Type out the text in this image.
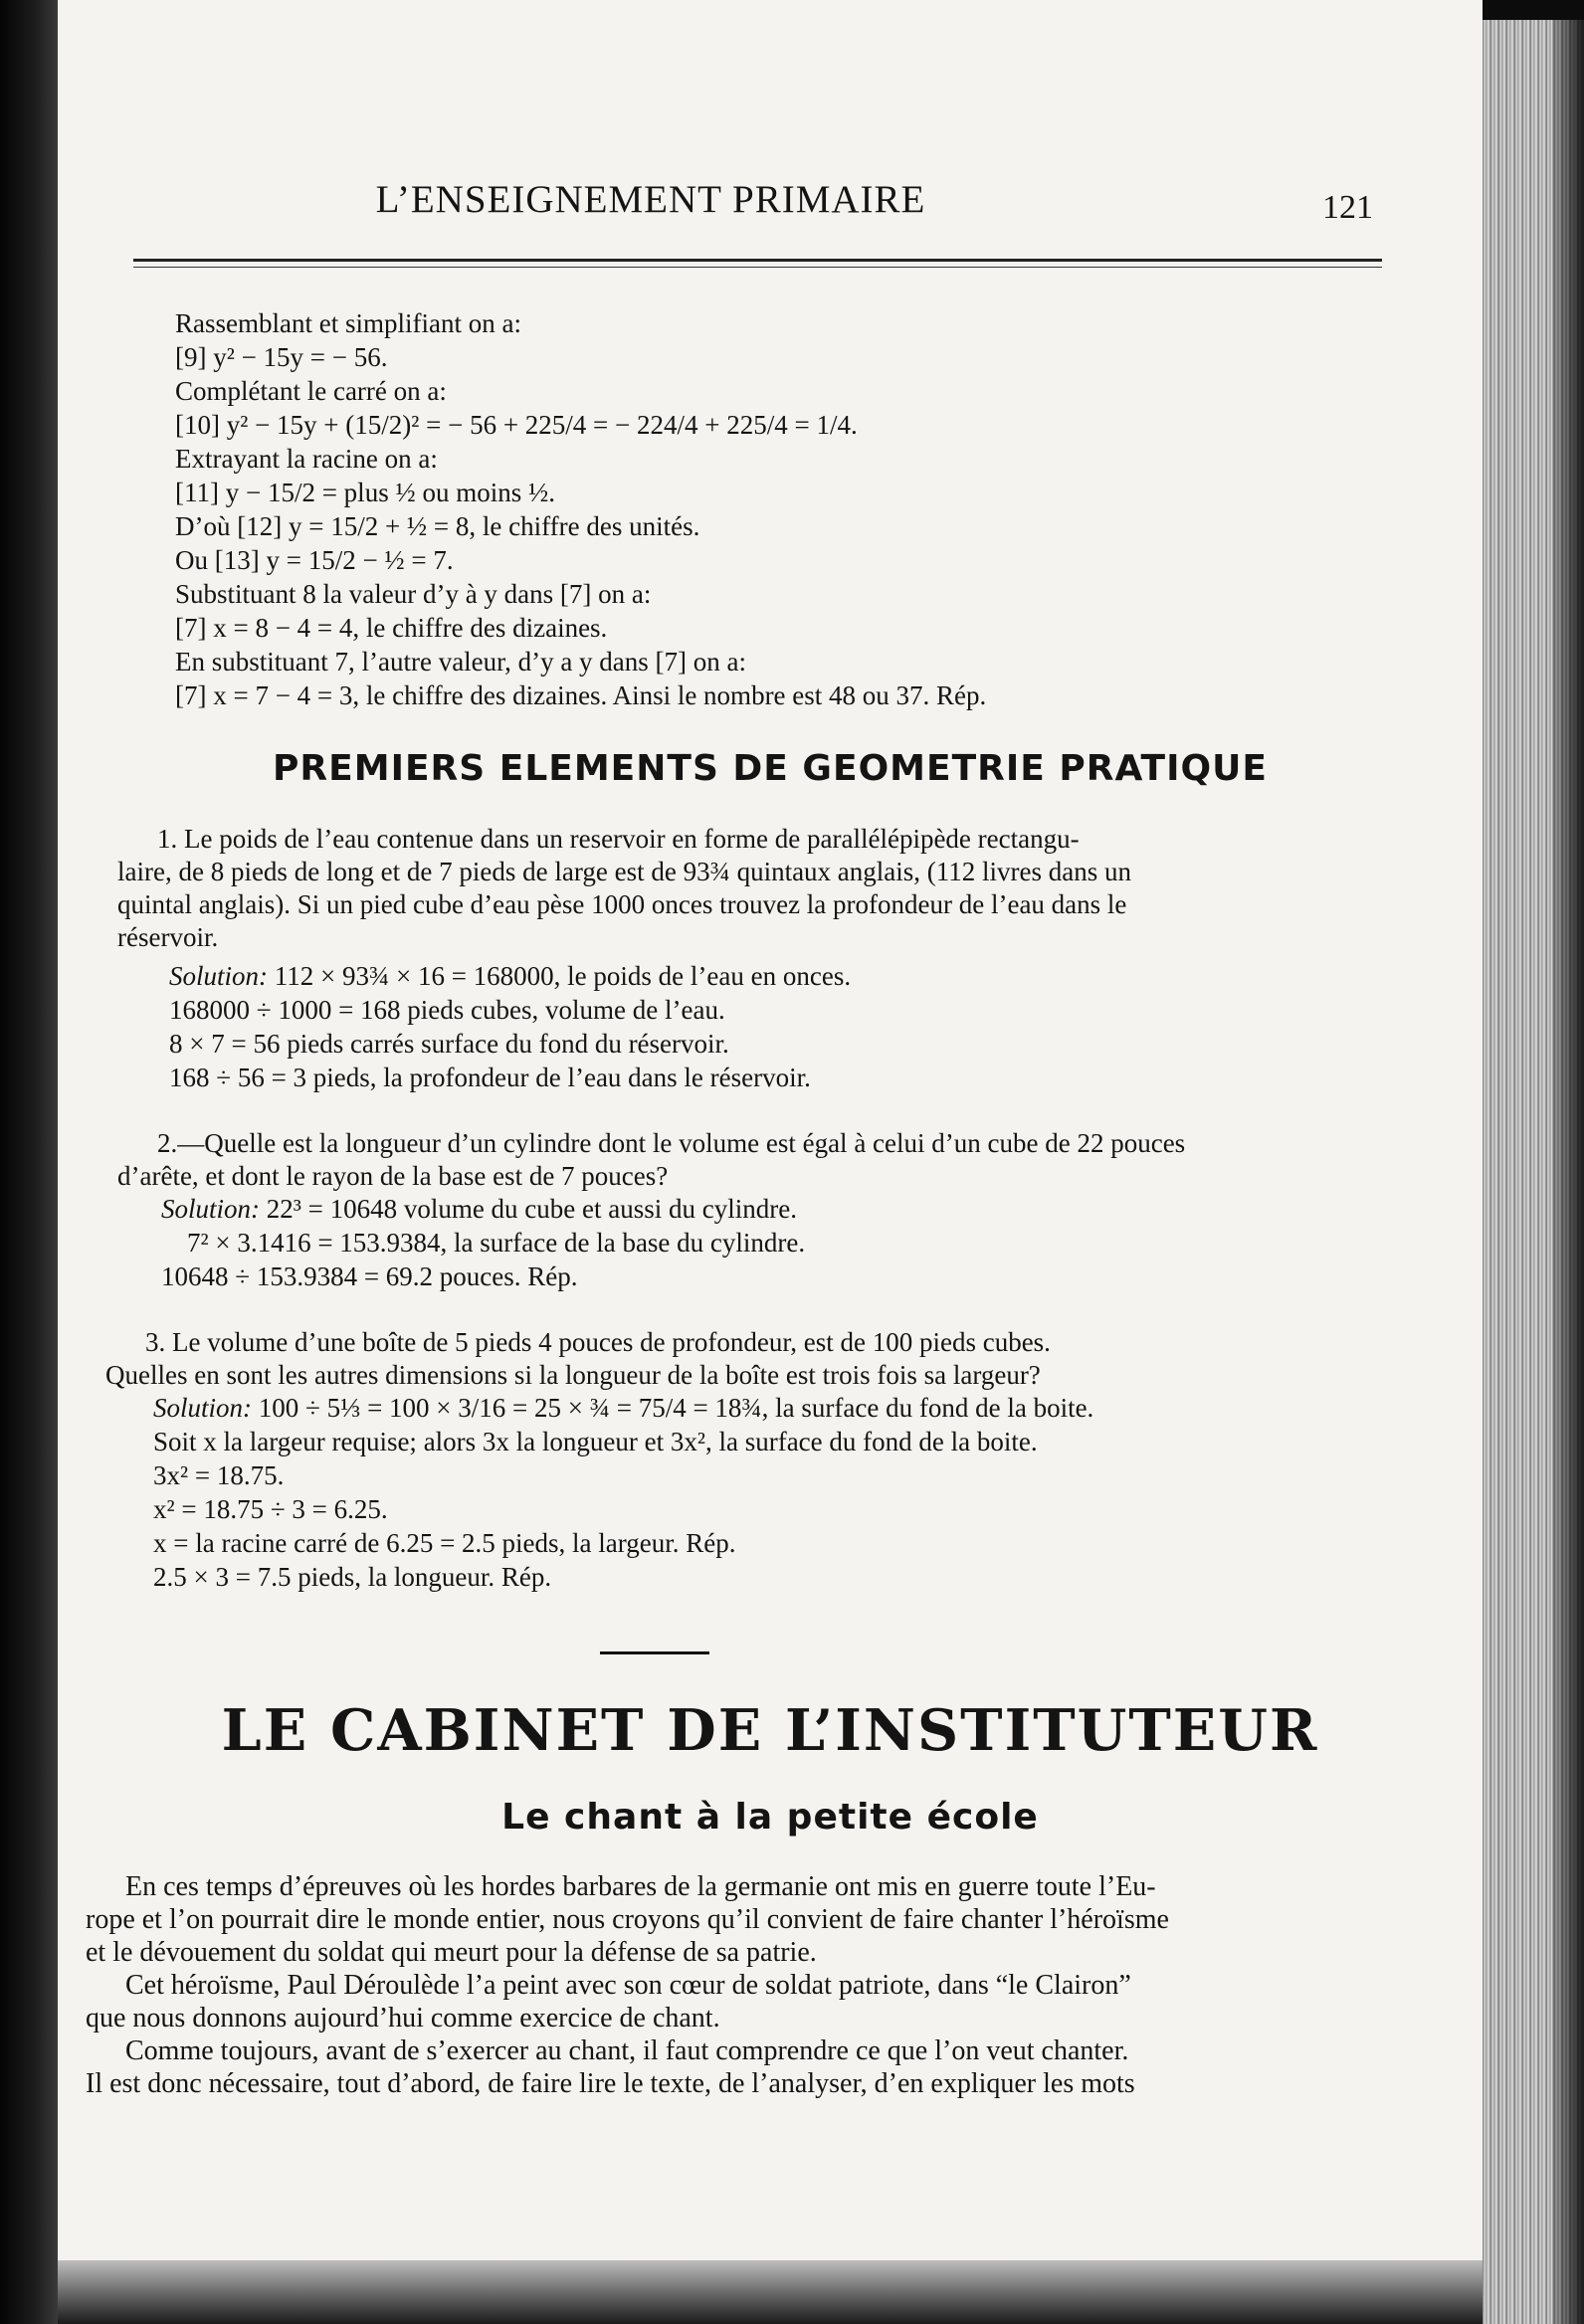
L’ENSEIGNEMENT PRIMAIRE	121
Rassemblant et simplifiant on a:
[9] y² − 15y = − 56.
Complétant le carré on a:
[10] y² − 15y + (15/2)² = − 56 + 225/4 = − 224/4 + 225/4 = 1/4.
Extrayant la racine on a:
[11] y − 15/2 = plus ½ ou moins ½.
D’où [12] y = 15/2 + ½ = 8, le chiffre des unités.
Ou [13] y = 15/2 − ½ = 7.
Substituant 8 la valeur d’y à y dans [7] on a:
[7] x = 8 − 4 = 4, le chiffre des dizaines.
En substituant 7, l’autre valeur, d’y a y dans [7] on a:
[7] x = 7 − 4 = 3, le chiffre des dizaines. Ainsi le nombre est 48 ou 37. Rép.
PREMIERS ELEMENTS DE GEOMETRIE PRATIQUE
1. Le poids de l’eau contenue dans un reservoir en forme de parallélépipède rectangu-
laire, de 8 pieds de long et de 7 pieds de large est de 93¾ quintaux anglais, (112 livres dans un
quintal anglais). Si un pied cube d’eau pèse 1000 onces trouvez la profondeur de l’eau dans le
réservoir.
Solution: 112 × 93¾ × 16 = 168000, le poids de l’eau en onces.
168000 ÷ 1000 = 168 pieds cubes, volume de l’eau.
8 × 7 = 56 pieds carrés surface du fond du réservoir.
168 ÷ 56 = 3 pieds, la profondeur de l’eau dans le réservoir.
2.—Quelle est la longueur d’un cylindre dont le volume est égal à celui d’un cube de 22 pouces
d’arête, et dont le rayon de la base est de 7 pouces?
Solution: 22³ = 10648 volume du cube et aussi du cylindre.
7² × 3.1416 = 153.9384, la surface de la base du cylindre.
10648 ÷ 153.9384 = 69.2 pouces. Rép.
3. Le volume d’une boîte de 5 pieds 4 pouces de profondeur, est de 100 pieds cubes.
Quelles en sont les autres dimensions si la longueur de la boîte est trois fois sa largeur?
Solution: 100 ÷ 5⅓ = 100 × 3/16 = 25 × ¾ = 75/4 = 18¾, la surface du fond de la boite.
Soit x la largeur requise; alors 3x la longueur et 3x², la surface du fond de la boite.
3x² = 18.75.
x² = 18.75 ÷ 3 = 6.25.
x = la racine carré de 6.25 = 2.5 pieds, la largeur. Rép.
2.5 × 3 = 7.5 pieds, la longueur. Rép.
LE CABINET DE L’INSTITUTEUR
Le chant à la petite école
En ces temps d’épreuves où les hordes barbares de la germanie ont mis en guerre toute l’Eu-
rope et l’on pourrait dire le monde entier, nous croyons qu’il convient de faire chanter l’héroïsme
et le dévouement du soldat qui meurt pour la défense de sa patrie.
Cet héroïsme, Paul Déroulède l’a peint avec son cœur de soldat patriote, dans “le Clairon”
que nous donnons aujourd’hui comme exercice de chant.
Comme toujours, avant de s’exercer au chant, il faut comprendre ce que l’on veut chanter.
Il est donc nécessaire, tout d’abord, de faire lire le texte, de l’analyser, d’en expliquer les mots
